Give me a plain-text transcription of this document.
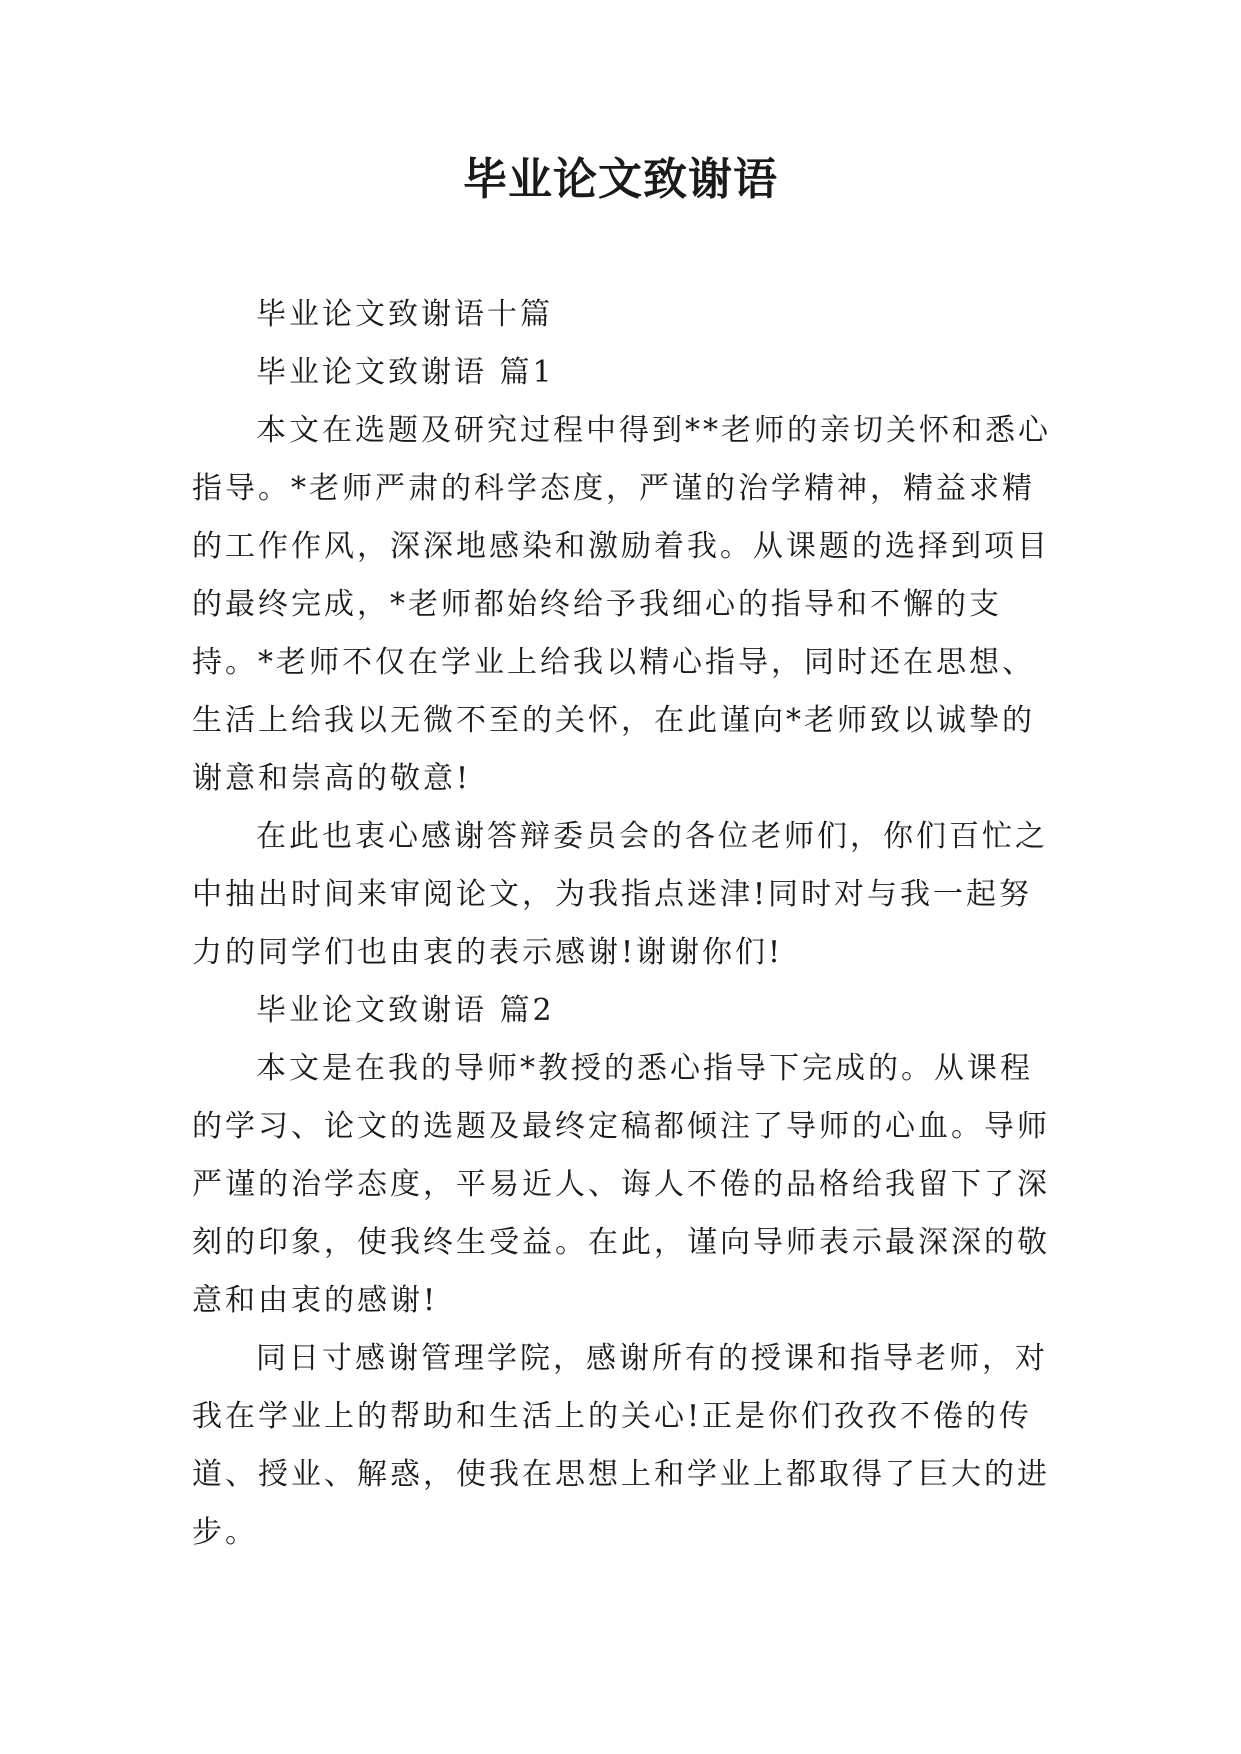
毕业论文致谢语

毕业论文致谢语十篇

毕业论文致谢语 篇1

本文在选题及研究过程中得到**老师的亲切关怀和悉心指导。*老师严肃的科学态度，严谨的治学精神，精益求精的工作作风，深深地感染和激励着我。从课题的选择到项目的最终完成，*老师都始终给予我细心的指导和不懈的支持。*老师不仅在学业上给我以精心指导，同时还在思想、生活上给我以无微不至的关怀，在此谨向*老师致以诚挚的谢意和崇高的敬意!

在此也衷心感谢答辩委员会的各位老师们，你们百忙之中抽出时间来审阅论文，为我指点迷津!同时对与我一起努力的同学们也由衷的表示感谢!谢谢你们!

毕业论文致谢语 篇2

本文是在我的导师*教授的悉心指导下完成的。从课程的学习、论文的选题及最终定稿都倾注了导师的心血。导师严谨的治学态度，平易近人、诲人不倦的品格给我留下了深刻的印象，使我终生受益。在此，谨向导师表示最深深的敬意和由衷的感谢!

同日寸感谢管理学院，感谢所有的授课和指导老师，对我在学业上的帮助和生活上的关心!正是你们孜孜不倦的传道、授业、解惑，使我在思想上和学业上都取得了巨大的进步。
